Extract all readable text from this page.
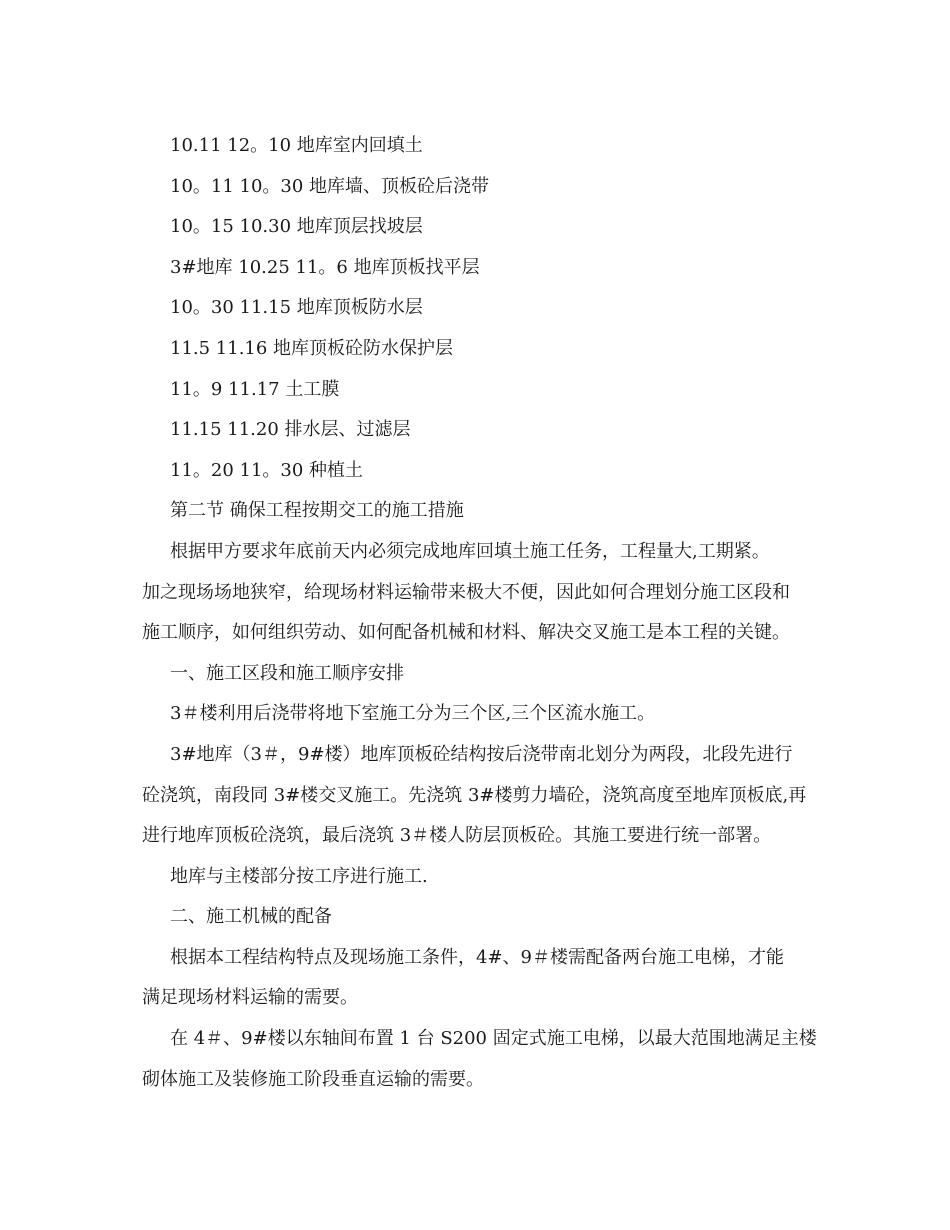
10.11 12。10 地库室内回填土
10。11 10。30 地库墙、顶板砼后浇带
10。15 10.30 地库顶层找坡层
3#地库 10.25 11。6 地库顶板找平层
10。30 11.15 地库顶板防水层
11.5 11.16 地库顶板砼防水保护层
11。9 11.17 土工膜
11.15 11.20 排水层、过滤层
11。20 11。30 种植土
第二节 确保工程按期交工的施工措施
根据甲方要求年底前天内必须完成地库回填土施工任务，工程量大,工期紧。
加之现场场地狭窄，给现场材料运输带来极大不便，因此如何合理划分施工区段和
施工顺序，如何组织劳动、如何配备机械和材料、解决交叉施工是本工程的关键。
一、施工区段和施工顺序安排
3＃楼利用后浇带将地下室施工分为三个区,三个区流水施工。
3#地库（3＃，9#楼）地库顶板砼结构按后浇带南北划分为两段，北段先进行
砼浇筑，南段同 3#楼交叉施工。先浇筑 3#楼剪力墙砼，浇筑高度至地库顶板底,再
进行地库顶板砼浇筑，最后浇筑 3＃楼人防层顶板砼。其施工要进行统一部署。
地库与主楼部分按工序进行施工.
二、施工机械的配备
根据本工程结构特点及现场施工条件，4#、9＃楼需配备两台施工电梯，才能
满足现场材料运输的需要。
在 4＃、9#楼以东轴间布置 1 台 S200 固定式施工电梯，以最大范围地满足主楼
砌体施工及装修施工阶段垂直运输的需要。
